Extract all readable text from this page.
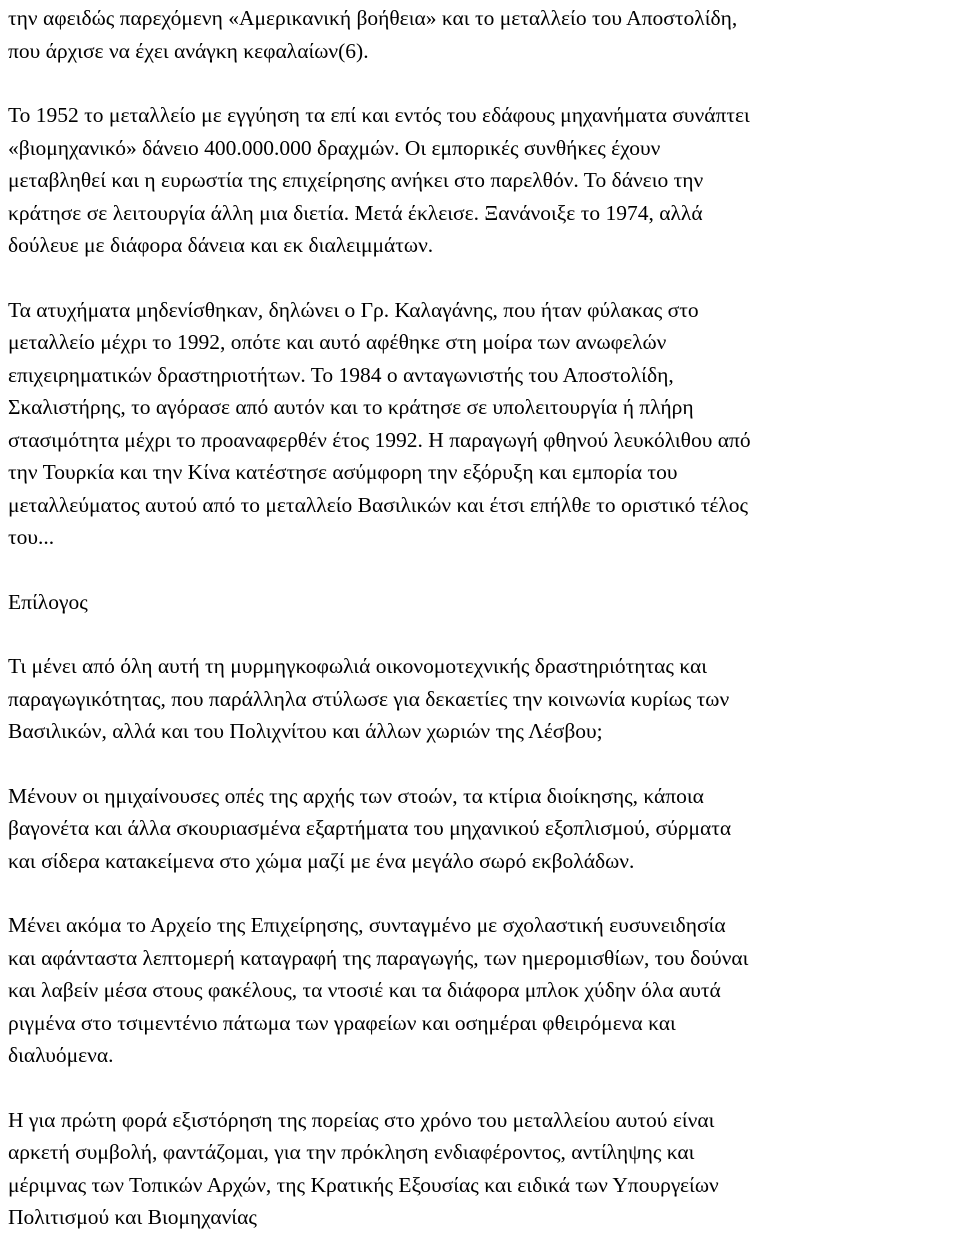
την αφειδώς παρεχόμενη «Αμερικανική βοήθεια» και το μεταλλείο του Αποστολίδη,
που άρχισε να έχει ανάγκη κεφαλαίων(6).

Το 1952 το μεταλλείο με εγγύηση τα επί και εντός του εδάφους μηχανήματα συνάπτει
«βιομηχανικό» δάνειο 400.000.000 δραχμών. Οι εμπορικές συνθήκες έχουν
μεταβληθεί και η ευρωστία της επιχείρησης ανήκει στο παρελθόν. Το δάνειο την
κράτησε σε λειτουργία άλλη μια διετία. Μετά έκλεισε. Ξανάνοιξε το 1974, αλλά
δούλευε με διάφορα δάνεια και εκ διαλειμμάτων.

Τα ατυχήματα μηδενίσθηκαν, δηλώνει ο Γρ. Καλαγάνης, που ήταν φύλακας στο
μεταλλείο μέχρι το 1992, οπότε και αυτό αφέθηκε στη μοίρα των ανωφελών
επιχειρηματικών δραστηριοτήτων. Το 1984 ο ανταγωνιστής του Αποστολίδη,
Σκαλιστήρης, το αγόρασε από αυτόν και το κράτησε σε υπολειτουργία ή πλήρη
στασιμότητα μέχρι το προαναφερθέν έτος 1992. Η παραγωγή φθηνού λευκόλιθου από
την Τουρκία και την Κίνα κατέστησε ασύμφορη την εξόρυξη και εμπορία του
μεταλλεύματος αυτού από το μεταλλείο Βασιλικών και έτσι επήλθε το οριστικό τέλος
του...

Επίλογος

Τι μένει από όλη αυτή τη μυρμηγκοφωλιά οικονομοτεχνικής δραστηριότητας και
παραγωγικότητας, που παράλληλα στύλωσε για δεκαετίες την κοινωνία κυρίως των
Βασιλικών, αλλά και του Πολιχνίτου και άλλων χωριών της Λέσβου;

Μένουν οι ημιχαίνουσες οπές της αρχής των στοών, τα κτίρια διοίκησης, κάποια
βαγονέτα και άλλα σκουριασμένα εξαρτήματα του μηχανικού εξοπλισμού, σύρματα
και σίδερα κατακείμενα στο χώμα μαζί με ένα μεγάλο σωρό εκβολάδων.

Μένει ακόμα το Αρχείο της Επιχείρησης, συνταγμένο με σχολαστική ευσυνειδησία
και αφάνταστα λεπτομερή καταγραφή της παραγωγής, των ημερομισθίων, του δούναι
και λαβείν μέσα στους φακέλους, τα ντοσιέ και τα διάφορα μπλοκ χύδην όλα αυτά
ριγμένα στο τσιμεντένιο πάτωμα των γραφείων και οσημέραι φθειρόμενα και
διαλυόμενα.

Η για πρώτη φορά εξιστόρηση της πορείας στο χρόνο του μεταλλείου αυτού είναι
αρκετή συμβολή, φαντάζομαι, για την πρόκληση ενδιαφέροντος, αντίληψης και
μέριμνας των Τοπικών Αρχών, της Κρατικής Εξουσίας και ειδικά των Υπουργείων
Πολιτισμού και Βιομηχανίας
